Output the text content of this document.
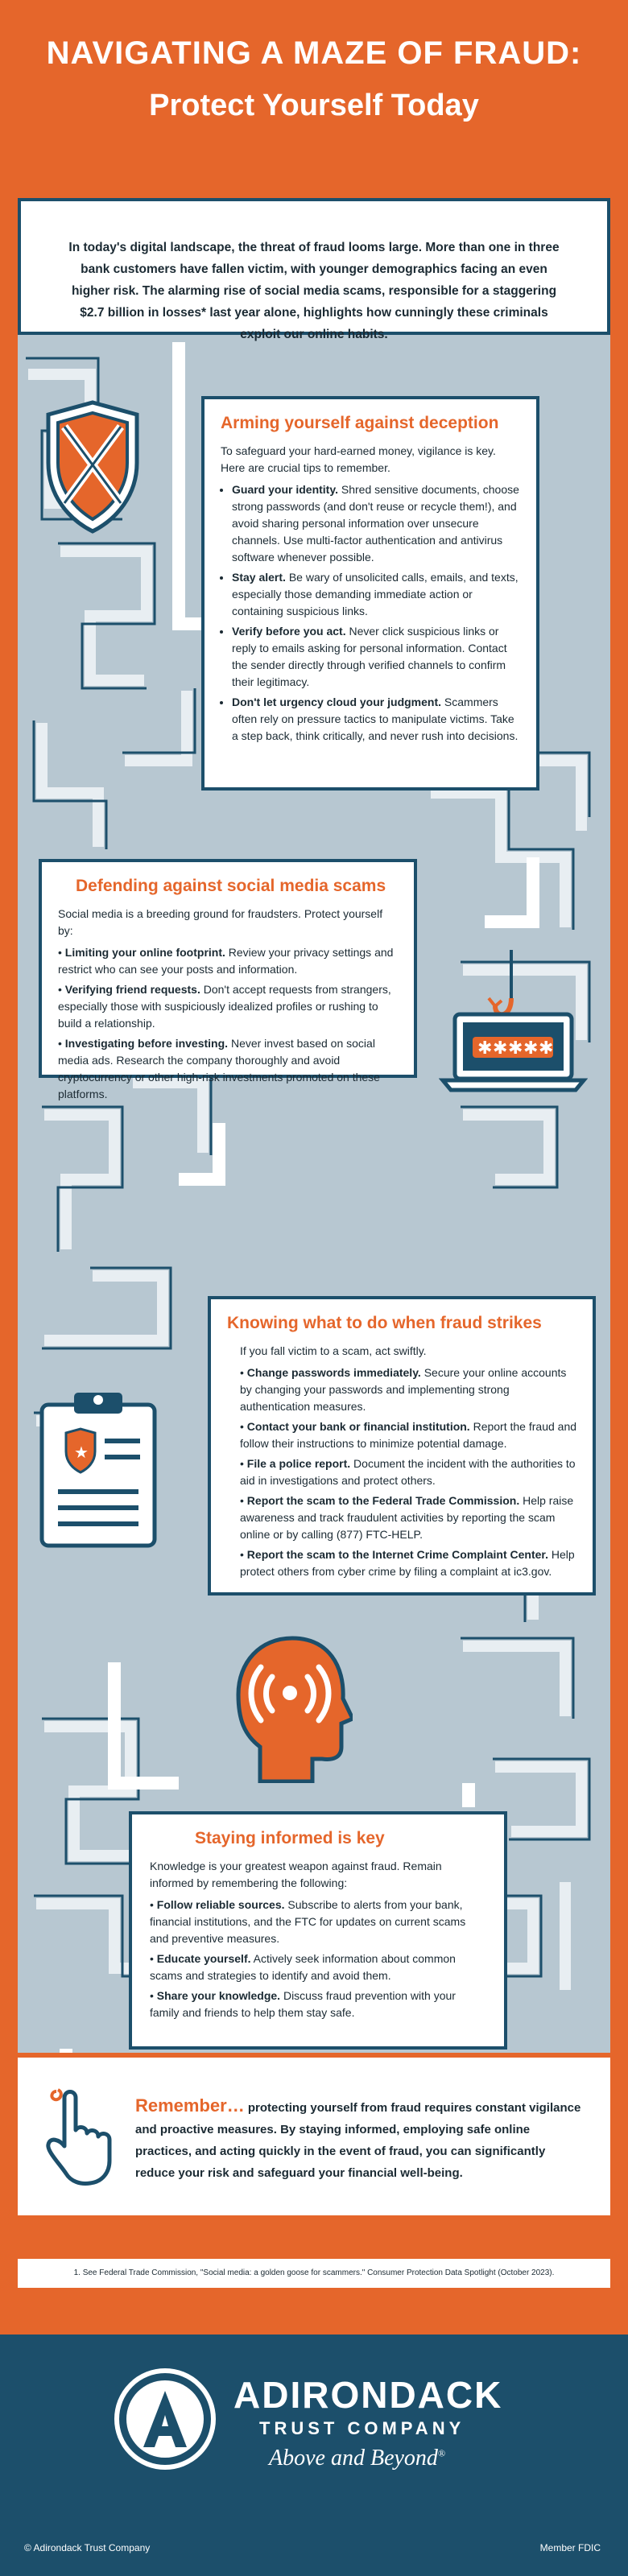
NAVIGATING A MAZE OF FRAUD:
Protect Yourself Today

In today's digital landscape, the threat of fraud looms large. More than one in three bank customers have fallen victim, with younger demographics facing an even higher risk. The alarming rise of social media scams, responsible for a staggering $2.7 billion in losses* last year alone, highlights how cunningly these criminals exploit our online habits.

Arming yourself against deception

To safeguard your hard-earned money, vigilance is key. Here are crucial tips to remember.

• Guard your identity. Shred sensitive documents, choose strong passwords (and don't reuse or recycle them!), and avoid sharing personal information over unsecure channels. Use multi-factor authentication and antivirus software whenever possible.
• Stay alert. Be wary of unsolicited calls, emails, and texts, especially those demanding immediate action or containing suspicious links.
• Verify before you act. Never click suspicious links or reply to emails asking for personal information. Contact the sender directly through verified channels to confirm their legitimacy.
• Don't let urgency cloud your judgment. Scammers often rely on pressure tactics to manipulate victims. Take a step back, think critically, and never rush into decisions.
Defending against social media scams

Social media is a breeding ground for fraudsters. Protect yourself by:

• Limiting your online footprint. Review your privacy settings and restrict who can see your posts and information.
• Verifying friend requests. Don't accept requests from strangers, especially those with suspiciously idealized profiles or rushing to build a relationship.
• Investigating before investing. Never invest based on social media ads. Research the company thoroughly and avoid cryptocurrency or other high-risk investments promoted on these platforms.
✱ ✱ ✱ ✱ ✱
Knowing what to do when fraud strikes

If you fall victim to a scam, act swiftly.

• Change passwords immediately. Secure your online accounts by changing your passwords and implementing strong authentication measures.
• Contact your bank or financial institution. Report the fraud and follow their instructions to minimize potential damage.
• File a police report. Document the incident with the authorities to aid in investigations and protect others.
• Report the scam to the Federal Trade Commission. Help raise awareness and track fraudulent activities by reporting the scam online or by calling (877) FTC-HELP.
• Report the scam to the Internet Crime Complaint Center. Help protect others from cyber crime by filing a complaint at ic3.gov.
★
Staying informed is key

Knowledge is your greatest weapon against fraud. Remain informed by remembering the following:

• Follow reliable sources. Subscribe to alerts from your bank, financial institutions, and the FTC for updates on current scams and preventive measures.
• Educate yourself. Actively seek information about common scams and strategies to identify and avoid them.
• Share your knowledge. Discuss fraud prevention with your family and friends to help them stay safe.
Remember… protecting yourself from fraud requires constant vigilance and proactive measures. By staying informed, employing safe online practices, and acting quickly in the event of fraud, you can significantly reduce your risk and safeguard your financial well-being.
1. See Federal Trade Commission, "Social media: a golden goose for scammers." Consumer Protection Data Spotlight (October 2023).
ADIRONDACK
TRUST COMPANY
Above and Beyond®
© Adirondack Trust Company	Member FDIC
